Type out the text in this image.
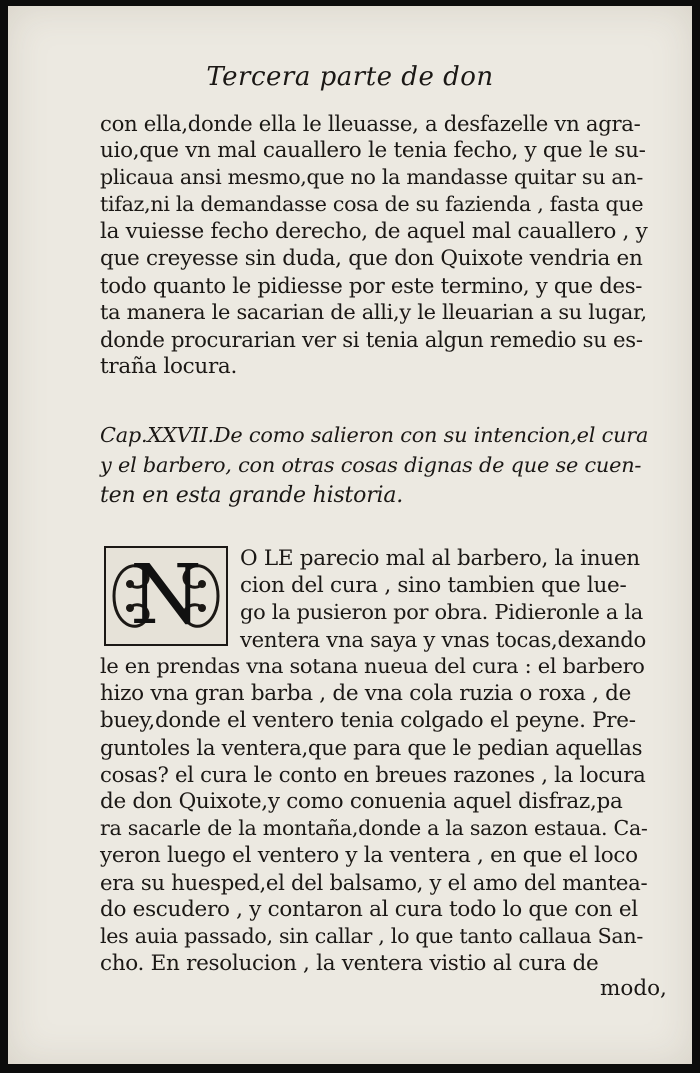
Tercera parte de don
con ella,donde ella le lleuasse, a desfazelle vn agra-
uio,que vn mal cauallero le tenia fecho, y que le su-
plicaua ansi mesmo,que no la mandasse quitar su an-
tifaz,ni la demandasse cosa de su fazienda , fasta que
la vuiesse fecho derecho, de aquel mal cauallero , y
que creyesse sin duda, que don Quixote vendria en
todo quanto le pidiesse por este termino, y que des-
ta manera le sacarian de alli,y le lleuarian a su lugar,
donde procurarian ver si tenia algun remedio su es-
traña locura.
Cap.XXVII.De como salieron con su intencion,el cura
y el barbero, con otras cosas dignas de que se cuen-
ten en esta grande historia.
N	O LE parecio mal al barbero, la inuen
cion del cura , sino tambien que lue-
go la pusieron por obra. Pidieronle a la
ventera vna saya y vnas tocas,dexando
le en prendas vna sotana nueua del cura : el barbero
hizo vna gran barba , de vna cola ruzia o roxa , de
buey,donde el ventero tenia colgado el peyne. Pre-
guntoles la ventera,que para que le pedian aquellas
cosas? el cura le conto en breues razones , la locura
de don Quixote,y como conuenia aquel disfraz,pa
ra sacarle de la montaña,donde a la sazon estaua. Ca-
yeron luego el ventero y la ventera , en que el loco
era su huesped,el del balsamo, y el amo del mantea-
do escudero , y contaron al cura todo lo que con el
les auia passado, sin callar , lo que tanto callaua San-
cho. En resolucion , la ventera vistio al cura de
modo,
